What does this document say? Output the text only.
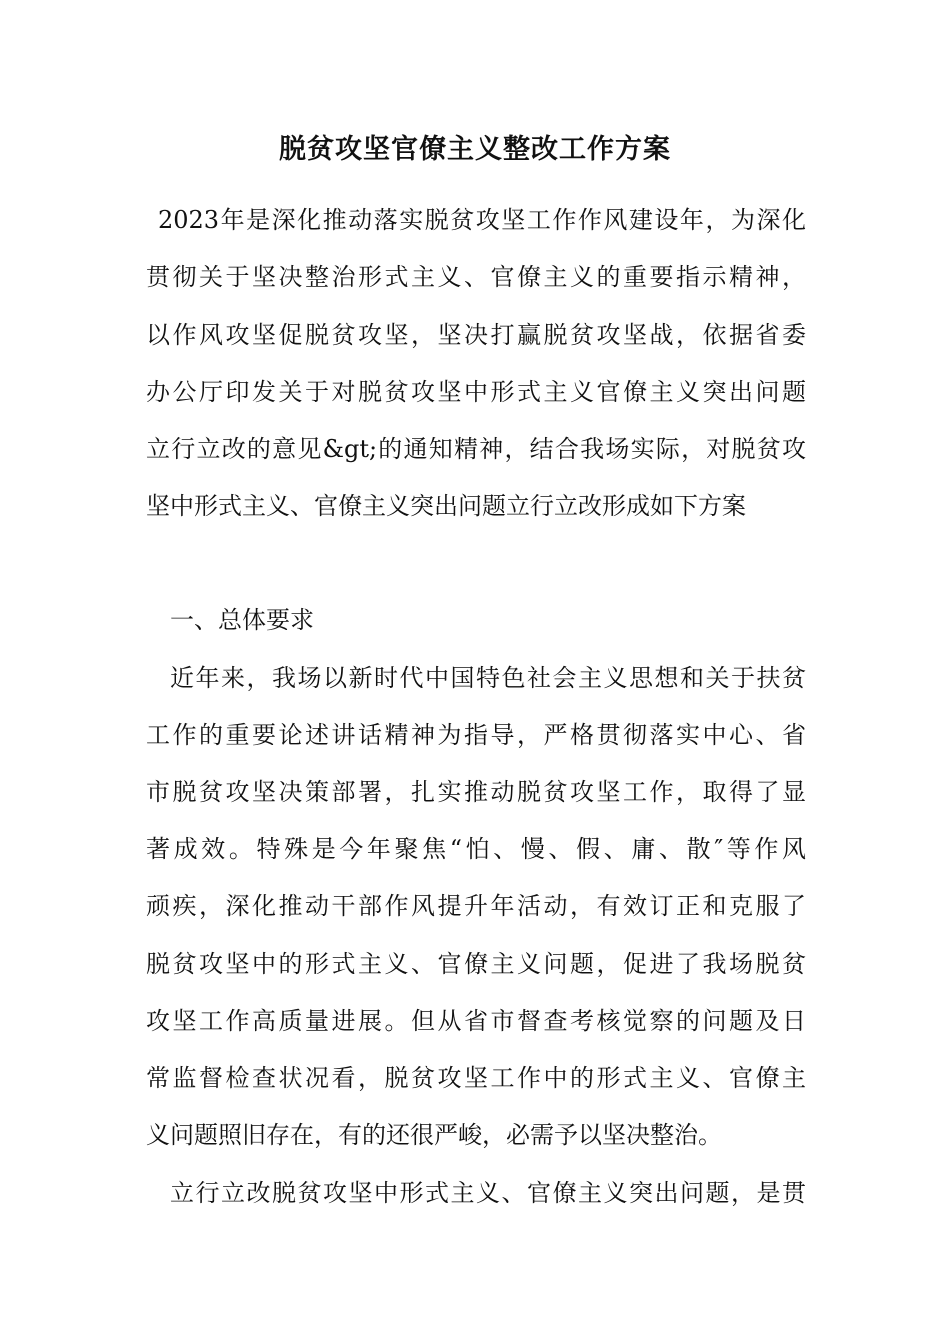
脱贫攻坚官僚主义整改工作方案

2023年是深化推动落实脱贫攻坚工作作风建设年，为深化

贯彻关于坚决整治形式主义、官僚主义的重要指示精神，

以作风攻坚促脱贫攻坚，坚决打赢脱贫攻坚战，依据省委

办公厅印发关于对脱贫攻坚中形式主义官僚主义突出问题

立行立改的意见&gt;的通知精神，结合我场实际，对脱贫攻

坚中形式主义、官僚主义突出问题立行立改形成如下方案

一、总体要求

近年来，我场以新时代中国特色社会主义思想和关于扶贫

工作的重要论述讲话精神为指导，严格贯彻落实中心、省

市脱贫攻坚决策部署，扎实推动脱贫攻坚工作，取得了显

著成效。特殊是今年聚焦“怕、慢、假、庸、散″等作风

顽疾，深化推动干部作风提升年活动，有效订正和克服了

脱贫攻坚中的形式主义、官僚主义问题，促进了我场脱贫

攻坚工作高质量进展。但从省市督查考核觉察的问题及日

常监督检查状况看，脱贫攻坚工作中的形式主义、官僚主

义问题照旧存在，有的还很严峻，必需予以坚决整治。

立行立改脱贫攻坚中形式主义、官僚主义突出问题，是贯
